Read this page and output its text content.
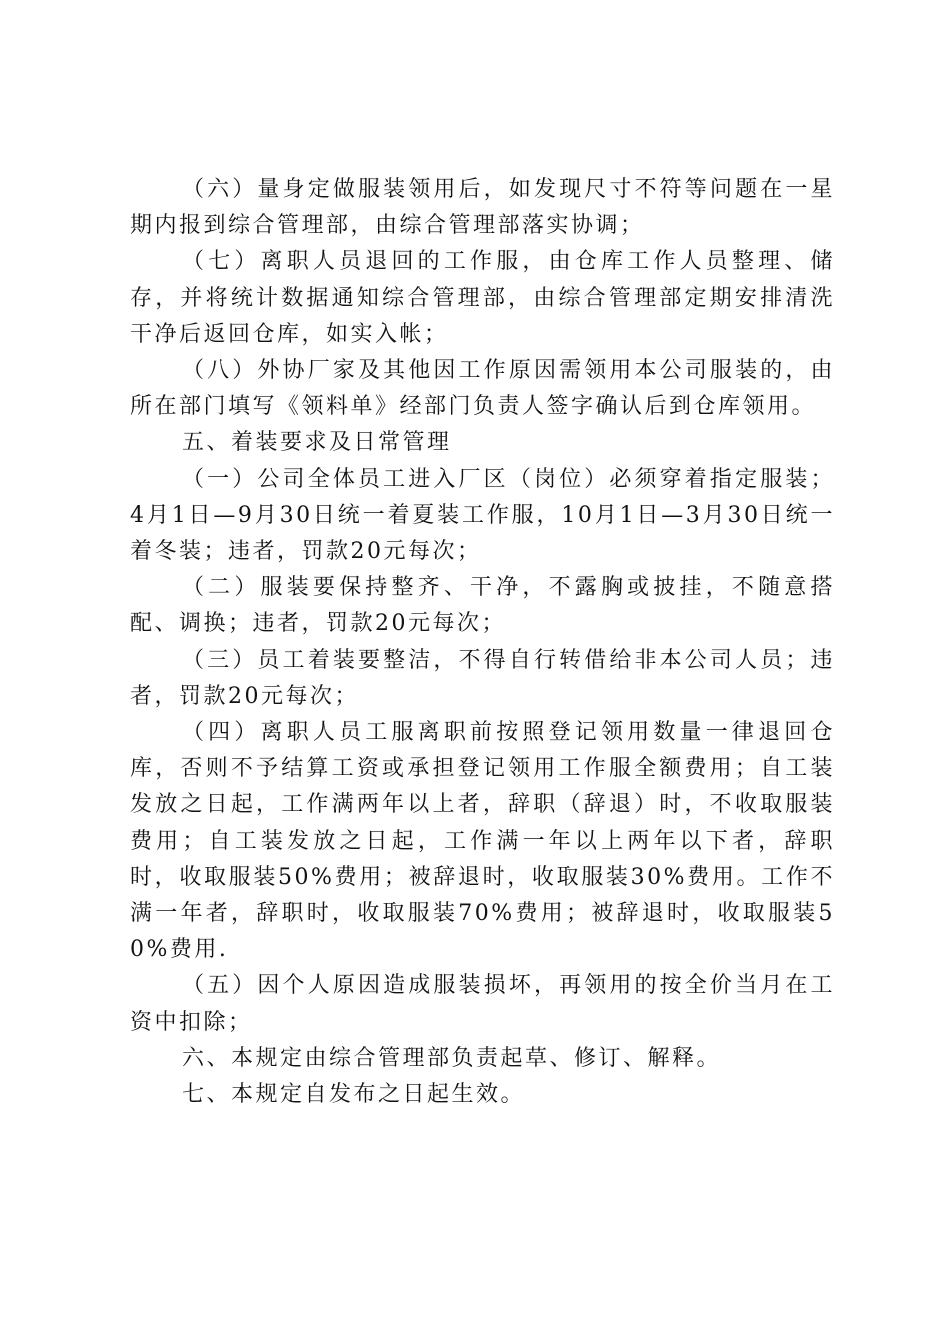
（六）量身定做服装领用后，如发现尺寸不符等问题在一星期内报到综合管理部，由综合管理部落实协调；

（七）离职人员退回的工作服，由仓库工作人员整理、储存，并将统计数据通知综合管理部，由综合管理部定期安排清洗干净后返回仓库，如实入帐；

（八）外协厂家及其他因工作原因需领用本公司服装的，由所在部门填写《领料单》经部门负责人签字确认后到仓库领用。

五、着装要求及日常管理

（一）公司全体员工进入厂区（岗位）必须穿着指定服装；4月1日—9月30日统一着夏装工作服，10月1日—3月30日统一着冬装；违者，罚款20元每次；

（二）服装要保持整齐、干净，不露胸或披挂，不随意搭配、调换；违者，罚款20元每次；

（三）员工着装要整洁，不得自行转借给非本公司人员；违者，罚款20元每次；

（四）离职人员工服离职前按照登记领用数量一律退回仓库，否则不予结算工资或承担登记领用工作服全额费用；自工装发放之日起，工作满两年以上者，辞职（辞退）时，不收取服装费用；自工装发放之日起，工作满一年以上两年以下者，辞职时，收取服装50%费用；被辞退时，收取服装30%费用。工作不满一年者，辞职时，收取服装70%费用；被辞退时，收取服装50%费用.

（五）因个人原因造成服装损坏，再领用的按全价当月在工资中扣除；

六、本规定由综合管理部负责起草、修订、解释。

七、本规定自发布之日起生效。
